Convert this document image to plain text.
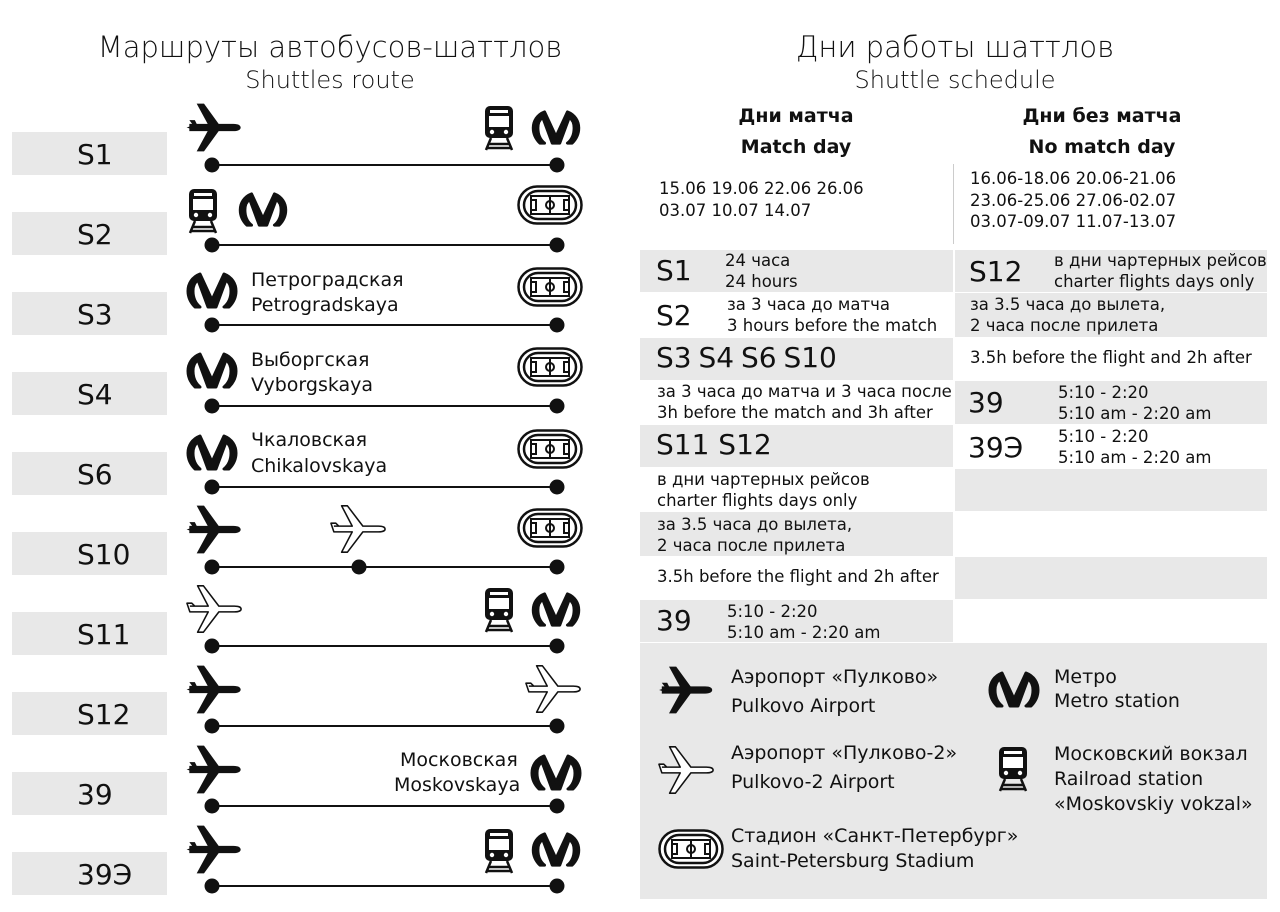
Маршруты автобусов-шаттлов
Shuttles route
S1
S2
S3
S4
S6
S10
S11
S12
39
39Э
Петроградская
Petrogradskaya
Выборгская
Vyborgskaya
Чкаловская
Chikalovskaya
Московская
Moskovskaya
Дни работы шаттлов
Shuttle schedule
Дни матча
Match day
Дни без матча
No match day
15.06 19.06 22.06 26.06
03.07 10.07 14.07
16.06-18.06 20.06-21.06
23.06-25.06 27.06-02.07
03.07-09.07 11.07-13.07
S1 24 часа
24 hours
S2 за 3 часа до матча
3 hours before the match
S3 S4 S6 S10
за 3 часа до матча и 3 часа после
3h before the match and 3h after
S11 S12
в дни чартерных рейсов
charter flights days only
за 3.5 часа до вылета,
2 часа после прилета
3.5h before the flight and 2h after
39 5:10 - 2:20
5:10 am - 2:20 am
S12 в дни чартерных рейсов
charter flights days only
за 3.5 часа до вылета,
2 часа после прилета
3.5h before the flight and 2h after
39	5:10 - 2:20
5:10 am - 2:20 am
39Э 5:10 - 2:20
5:10 am - 2:20 am
Аэропорт «Пулково»
Pulkovo Airport
Метро
Metro station
Аэропорт «Пулково-2»
Pulkovo-2 Airport
Московский вокзал
Railroad station
«Moskovskiy vokzal»
Стадион «Санкт-Петербург»
Saint-Petersburg Stadium
